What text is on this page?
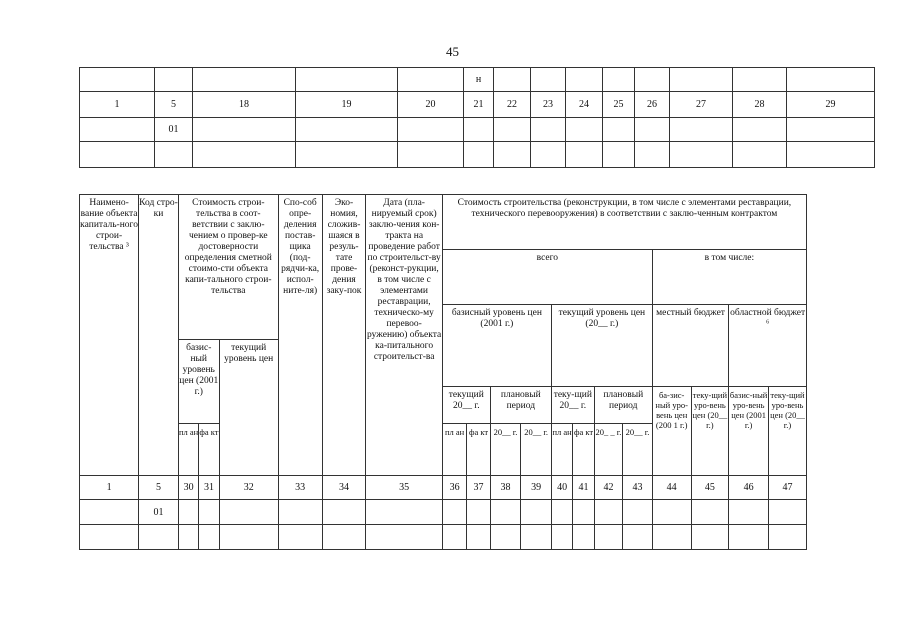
45
					н								
1	5	18	19	20	21	22	23	24	25	26	27	28	29
	01												

Наимено-вание объекта капиталь-ного строи-тельства ³	Код стро-ки	Стоимость строи-тельства в соот-ветствии с заклю-чением о провер-ке достоверности определения сметной стоимо-сти объекта капи-тального строи-тельства			Спо-соб опре-деления постав-щика (под-рядчи-ка, испол-ните-ля)	Эко-номия, сложив-шаяся в резуль-тате прове-дения заку-пок	Дата (пла-нируемый срок) заклю-чения кон-тракта на проведение работ по строительст-ву (реконст-рукции, в том числе с элементами реставрации, техническо-му перевоо-ружению) объекта ка-питального строительст-ва	Стоимость строительства (реконструкции, в том числе с элементами реставрации, технического перевооружения) в соответствии с заклю-ченным контрактом											
								всего								в том числе:			
								базисный уровень цен (2001 г.)				текущий уровень цен (20__ г.)				местный бюджет		областной бюджет ⁶	
		базис-ный уровень цен (2001 г.)		текущий уровень цен															
								текущий 20__ г.		плановый период		теку-щий 20__ г.		плановый период		ба-зис-ный уро-вень цен (200 1 г.)	теку-щий уро-вень цен (20__ г.)	базис-ный уро-вень цен (2001 г.)	теку-щий уро-вень цен (20__ г.)
		пл ан	фа кт					пл ан	фа кт	20__ г.	20__ г.	пл ан	фа кт	20_ _ г.	20__ г.				
1	5	30	31	32	33	34	35	36	37	38	39	40	41	42	43	44	45	46	47
	01																		
